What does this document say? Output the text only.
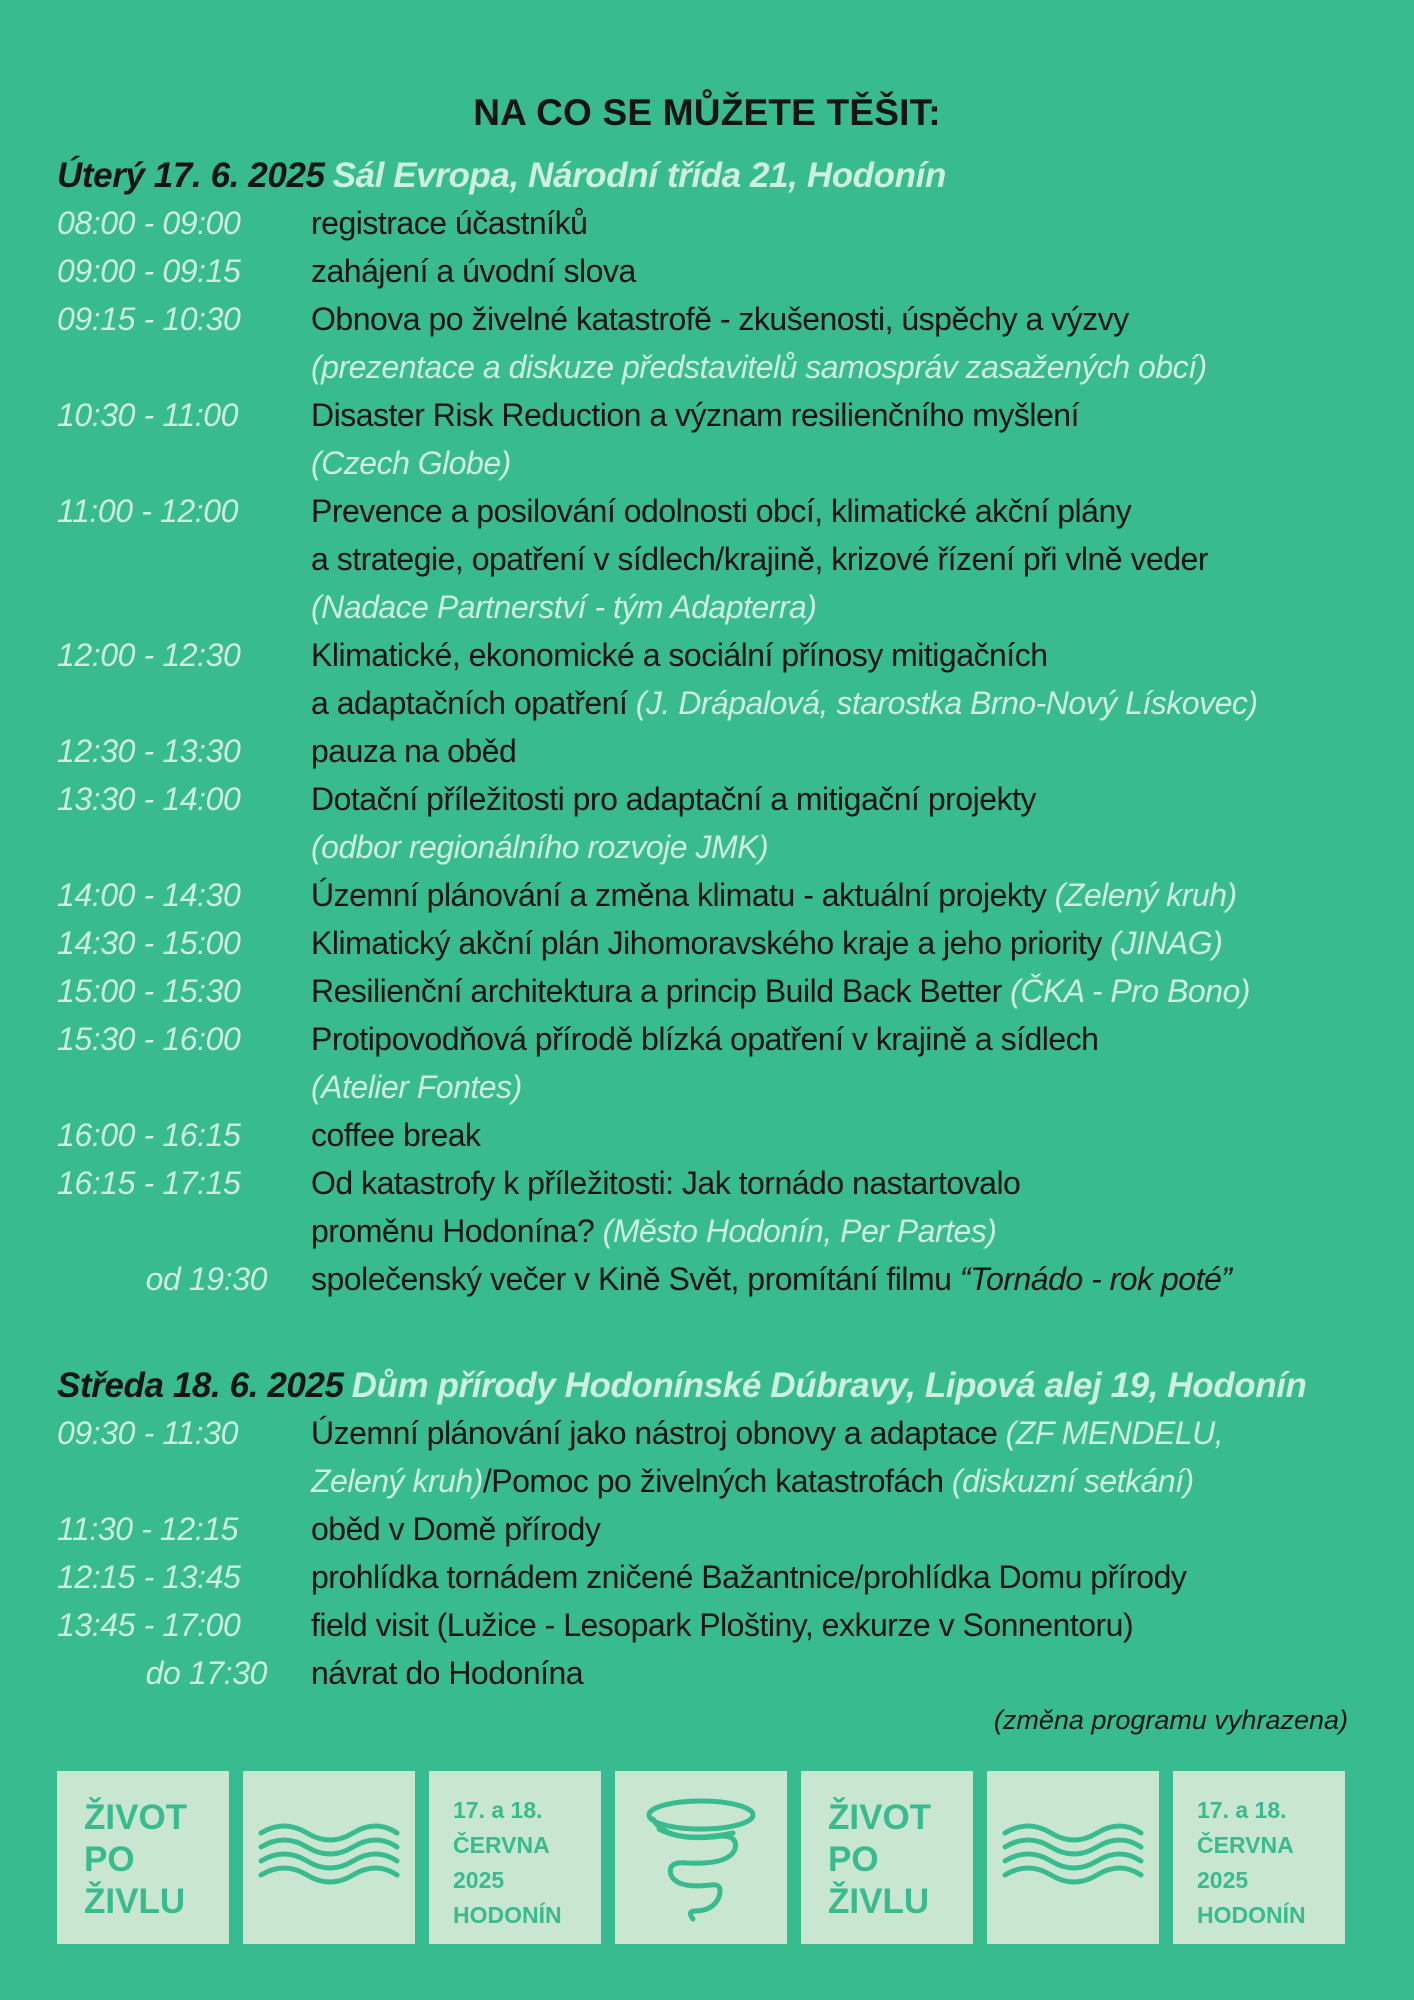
NA CO SE MŮŽETE TĚŠIT:
Úterý 17. 6. 2025 Sál Evropa, Národní třída 21, Hodonín
08:00 - 09:00	registrace účastníků
09:00 - 09:15	zahájení a úvodní slova
09:15 - 10:30	Obnova po živelné katastrofě - zkušenosti, úspěchy a výzvy
(prezentace a diskuze představitelů samospráv zasažených obcí)
10:30 - 11:00	Disaster Risk Reduction a význam resilienčního myšlení
(Czech Globe)
11:00 - 12:00	Prevence a posilování odolnosti obcí, klimatické akční plány
a strategie, opatření v sídlech/krajině, krizové řízení při vlně veder
(Nadace Partnerství - tým Adapterra)
12:00 - 12:30	Klimatické, ekonomické a sociální přínosy mitigačních
a adaptačních opatření (J. Drápalová, starostka Brno-Nový Lískovec)
12:30 - 13:30	pauza na oběd
13:30 - 14:00	Dotační příležitosti pro adaptační a mitigační projekty
(odbor regionálního rozvoje JMK)
14:00 - 14:30	Územní plánování a změna klimatu - aktuální projekty (Zelený kruh)
14:30 - 15:00	Klimatický akční plán Jihomoravského kraje a jeho priority (JINAG)
15:00 - 15:30	Resilienční architektura a princip Build Back Better (ČKA - Pro Bono)
15:30 - 16:00	Protipovodňová přírodě blízká opatření v krajině a sídlech
(Atelier Fontes)
16:00 - 16:15	coffee break
16:15 - 17:15	Od katastrofy k příležitosti: Jak tornádo nastartovalo
proměnu Hodonína? (Město Hodonín, Per Partes)
od 19:30 společenský večer v Kině Svět, promítání filmu “Tornádo - rok poté”
Středa 18. 6. 2025 Dům přírody Hodonínské Dúbravy, Lipová alej 19, Hodonín
09:30 - 11:30	Územní plánování jako nástroj obnovy a adaptace (ZF MENDELU,
Zelený kruh)/Pomoc po živelných katastrofách (diskuzní setkání)
11:30 - 12:15	oběd v Domě přírody
12:15 - 13:45	prohlídka tornádem zničené Bažantnice/prohlídka Domu přírody
13:45 - 17:00	field visit (Lužice - Lesopark Ploštiny, exkurze v Sonnentoru)
do 17:30 návrat do Hodonína
(změna programu vyhrazena)
ŽIVOT
PO
ŽIVLU
17. a 18.
ČERVNA
2025
HODONÍN
ŽIVOT
PO
ŽIVLU
17. a 18.
ČERVNA
2025
HODONÍN
